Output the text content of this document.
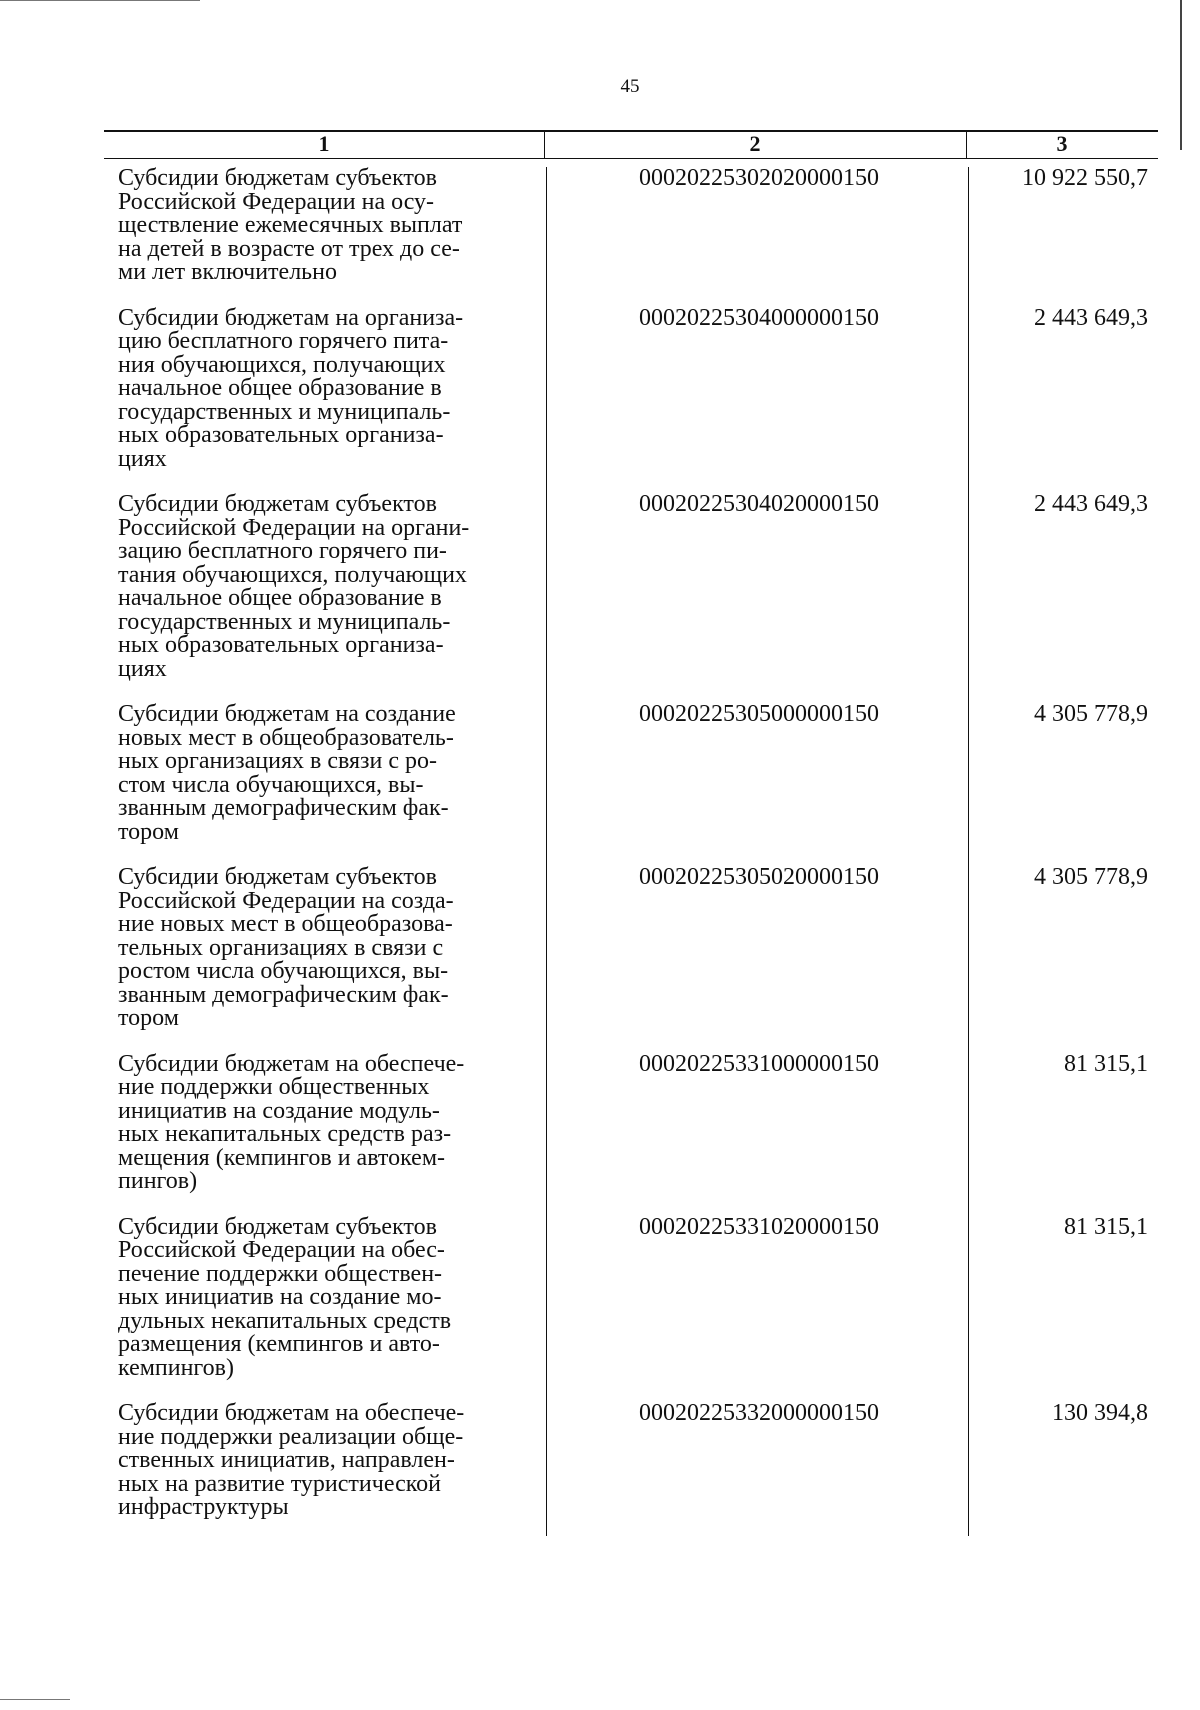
45
1	2	3
Субсидии бюджетам субъектов
Российской Федерации на осу-
ществление ежемесячных выплат
на детей в возрасте от трех до се-
ми лет включительно
00020225302020000150	10 922 550,7
Субсидии бюджетам на организа-
цию бесплатного горячего пита-
ния обучающихся, получающих
начальное общее образование в
государственных и муниципаль-
ных образовательных организа-
циях
00020225304000000150	2 443 649,3
Субсидии бюджетам субъектов
Российской Федерации на органи-
зацию бесплатного горячего пи-
тания обучающихся, получающих
начальное общее образование в
государственных и муниципаль-
ных образовательных организа-
циях
00020225304020000150	2 443 649,3
Субсидии бюджетам на создание
новых мест в общеобразователь-
ных организациях в связи с ро-
стом числа обучающихся, вы-
званным демографическим фак-
тором
00020225305000000150	4 305 778,9
Субсидии бюджетам субъектов
Российской Федерации на созда-
ние новых мест в общеобразова-
тельных организациях в связи с
ростом числа обучающихся, вы-
званным демографическим фак-
тором
00020225305020000150	4 305 778,9
Субсидии бюджетам на обеспече-
ние поддержки общественных
инициатив на создание модуль-
ных некапитальных средств раз-
мещения (кемпингов и автокем-
пингов)
00020225331000000150	81 315,1
Субсидии бюджетам субъектов
Российской Федерации на обес-
печение поддержки обществен-
ных инициатив на создание мо-
дульных некапитальных средств
размещения (кемпингов и авто-
кемпингов)
00020225331020000150	81 315,1
Субсидии бюджетам на обеспече-
ние поддержки реализации обще-
ственных инициатив, направлен-
ных на развитие туристической
инфраструктуры
00020225332000000150	130 394,8
